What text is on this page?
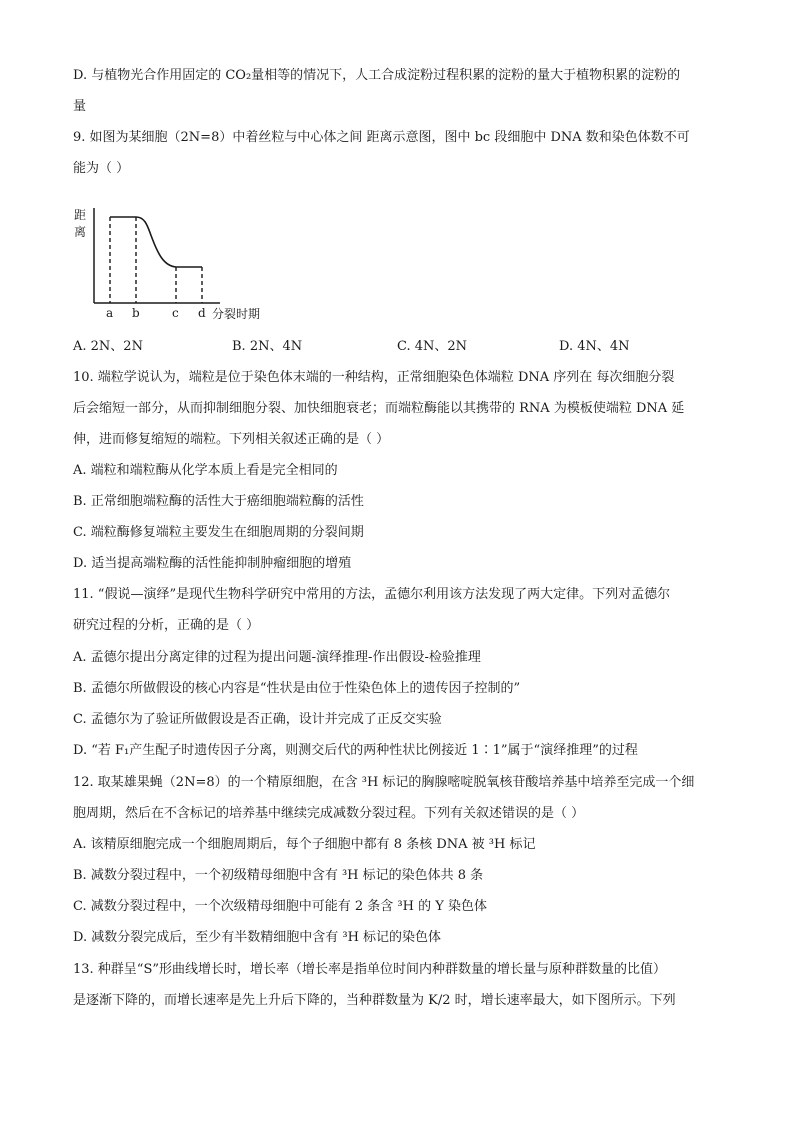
D. 与植物光合作用固定的 CO₂量相等的情况下，人工合成淀粉过程积累的淀粉的量大于植物积累的淀粉的
量
9. 如图为某细胞（2N=8）中着丝粒与中心体之间 距离示意图，图中 bc 段细胞中 DNA 数和染色体数不可
能为（ ）
距
离
a b	c d 分裂时期
A. 2N、2N	B. 2N、4N	C. 4N、2N	D. 4N、4N
10. 端粒学说认为，端粒是位于染色体末端的一种结构，正常细胞染色体端粒 DNA 序列在 每次细胞分裂
后会缩短一部分，从而抑制细胞分裂、加快细胞衰老；而端粒酶能以其携带的 RNA 为模板使端粒 DNA 延
伸，进而修复缩短的端粒。下列相关叙述正确的是（ ）
A. 端粒和端粒酶从化学本质上看是完全相同的
B. 正常细胞端粒酶的活性大于癌细胞端粒酶的活性
C. 端粒酶修复端粒主要发生在细胞周期的分裂间期
D. 适当提高端粒酶的活性能抑制肿瘤细胞的增殖
11. “假说—演绎”是现代生物科学研究中常用的方法，孟德尔利用该方法发现了两大定律。下列对孟德尔
研究过程的分析，正确的是（ ）
A. 孟德尔提出分离定律的过程为提出问题-演绎推理-作出假设-检验推理
B. 孟德尔所做假设的核心内容是“性状是由位于性染色体上的遗传因子控制的”
C. 孟德尔为了验证所做假设是否正确，设计并完成了正反交实验
D. “若 F₁产生配子时遗传因子分离，则测交后代的两种性状比例接近 1∶1”属于“演绎推理”的过程
12. 取某雄果蝇（2N=8）的一个精原细胞，在含 ³H 标记的胸腺嘧啶脱氧核苷酸培养基中培养至完成一个细
胞周期，然后在不含标记的培养基中继续完成减数分裂过程。下列有关叙述错误的是（ ）
A. 该精原细胞完成一个细胞周期后，每个子细胞中都有 8 条核 DNA 被 ³H 标记
B. 减数分裂过程中，一个初级精母细胞中含有 ³H 标记的染色体共 8 条
C. 减数分裂过程中，一个次级精母细胞中可能有 2 条含 ³H 的 Y 染色体
D. 减数分裂完成后，至少有半数精细胞中含有 ³H 标记的染色体
13. 种群呈“S”形曲线增长时，增长率（增长率是指单位时间内种群数量的增长量与原种群数量的比值）
是逐渐下降的，而增长速率是先上升后下降的，当种群数量为 K/2 时，增长速率最大，如下图所示。下列
